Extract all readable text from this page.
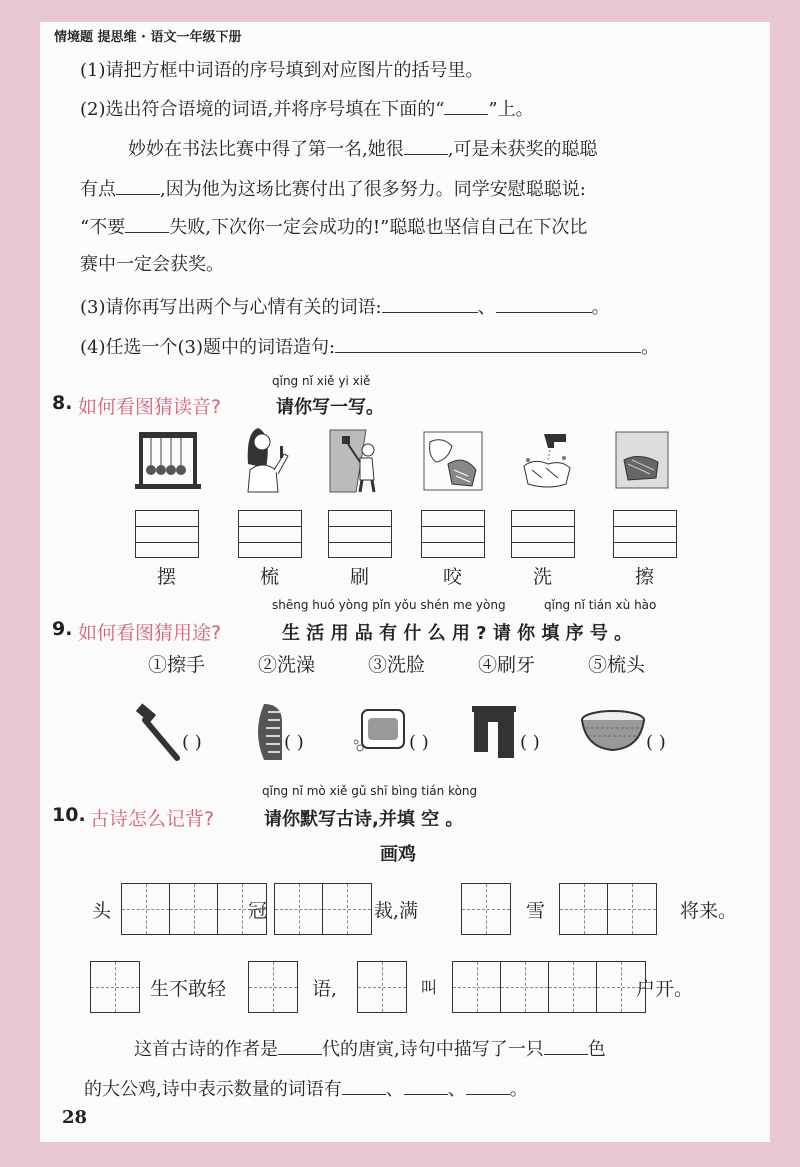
情境题 提思维 · 语文一年级下册
(1)请把方框中词语的序号填到对应图片的括号里。
(2)选出符合语境的词语,并将序号填在下面的“ ”上。
妙妙在书法比赛中得了第一名,她很 ,可是未获奖的聪聪
有点 ,因为他为这场比赛付出了很多努力。同学安慰聪聪说:
“不要 失败,下次你一定会成功的!”聪聪也坚信自己在下次比
赛中一定会获奖。
(3)请你再写出两个与心情有关的词语:	、	。
(4)任选一个(3)题中的词语造句:	。
qǐng nǐ xiě yi xiě
8. 如何看图猜读音?	请你写一写。
摆	梳	刷	咬	洗	擦
shēng huó yòng pǐn yǒu shén me yòng	qǐng nǐ tián xù hào
9. 如何看图猜用途?	生 活 用 品 有 什 么 用 ? 请 你 填 序 号 。
①擦手	②洗澡	③洗脸	④刷牙	⑤梳头
( )	( )	( )	( )	( )
qǐng nǐ mò xiě gǔ shī bìng tián kòng
10. 古诗怎么记背?	请你默写古诗,并填 空 。
画鸡
头	冠	裁,满	雪	将来。
生不敢轻	语,	叫	户开。
这首古诗的作者是 代的唐寅,诗句中描写了一只 色
的大公鸡,诗中表示数量的词语有 、 、 。
28
